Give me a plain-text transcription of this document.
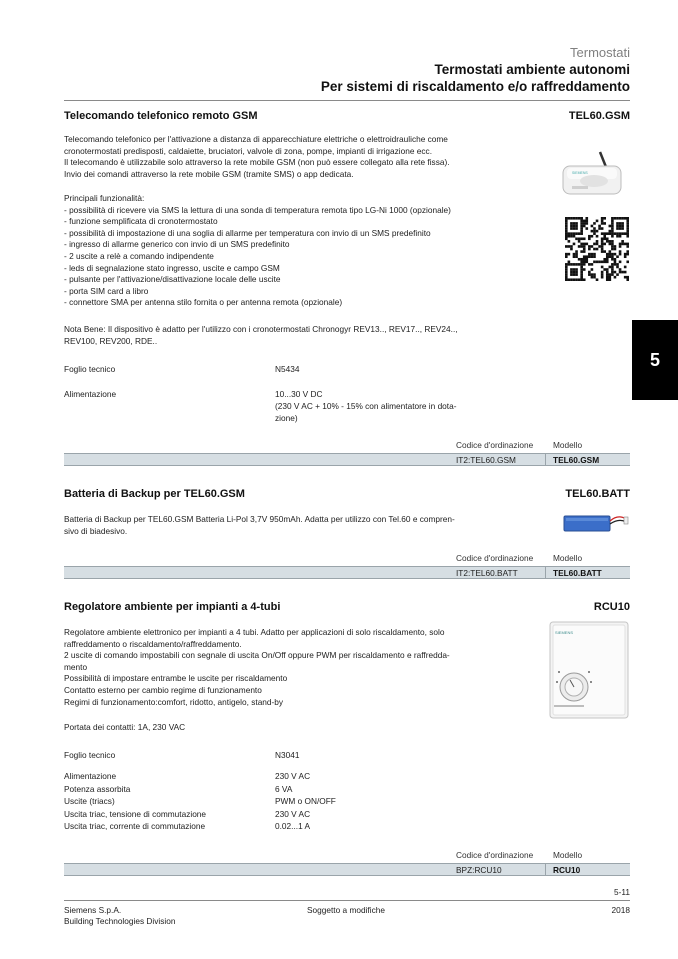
Termostati
Termostati ambiente autonomi
Per sistemi di riscaldamento e/o raffreddamento
5
Telecomando telefonico remoto GSM	TEL60.GSM
Telecomando telefonico per l'attivazione a distanza di apparecchiature elettriche o elettroidrauliche come
cronotermostati predisposti, caldaiette, bruciatori, valvole di zona, pompe, impianti di irrigazione ecc.
Il telecomando è utilizzabile solo attraverso la rete mobile GSM (non può essere collegato alla rete fissa).
Invio dei comandi attraverso la rete mobile GSM (tramite SMS) o app dedicata.
Principali funzionalità:
- possibilità di ricevere via SMS la lettura di una sonda di temperatura remota tipo LG-Ni 1000 (opzionale)
- funzione semplificata di cronotermostato
- possibilità di impostazione di una soglia di allarme per temperatura con invio di un SMS predefinito
- ingresso di allarme generico con invio di un SMS predefinito
- 2 uscite a relè a comando indipendente
- leds di segnalazione stato ingresso, uscite e campo GSM
- pulsante per l'attivazione/disattivazione locale delle uscite
- porta SIM card a libro
- connettore SMA per antenna stilo fornita o per antenna remota (opzionale)
Nota Bene: Il dispositivo è adatto per l'utilizzo con i cronotermostati Chronogyr REV13.., REV17.., REV24..,
REV100, REV200, RDE..
Foglio tecnico	N5434
Alimentazione	10...30 V DC
(230 V AC + 10% - 15% con alimentatore in dota-
zione)
SIEMENS
Codice d'ordinazione Modello
IT2:TEL60.GSM	TEL60.GSM
Batteria di Backup per TEL60.GSM	TEL60.BATT
Batteria di Backup per TEL60.GSM Batteria Li-Pol 3,7V 950mAh. Adatta per utilizzo con Tel.60 e compren-
sivo di biadesivo.
Codice d'ordinazione Modello
IT2:TEL60.BATT	TEL60.BATT
Regolatore ambiente per impianti a 4-tubi	RCU10
Regolatore ambiente elettronico per impianti a 4 tubi. Adatto per applicazioni di solo riscaldamento, solo
raffreddamento o riscaldamento/raffreddamento.
2 uscite di comando impostabili con segnale di uscita On/Off oppure PWM per riscaldamento e raffredda-
mento
Possibilità di impostare entrambe le uscite per riscaldamento
Contatto esterno per cambio regime di funzionamento
Regimi di funzionamento:comfort, ridotto, antigelo, stand-by
Portata dei contatti: 1A, 230 VAC
Foglio tecnico	N3041
Alimentazione	230 V AC
Potenza assorbita	6 VA
Uscite (triacs)	PWM o ON/OFF
Uscita triac, tensione di commutazione	230 V AC
Uscita triac, corrente di commutazione	0.02...1 A
SIEMENS
Codice d'ordinazione Modello
BPZ:RCU10	RCU10
5-11
Siemens S.p.A.
Building Technologies Division
Soggetto a modifiche	2018
